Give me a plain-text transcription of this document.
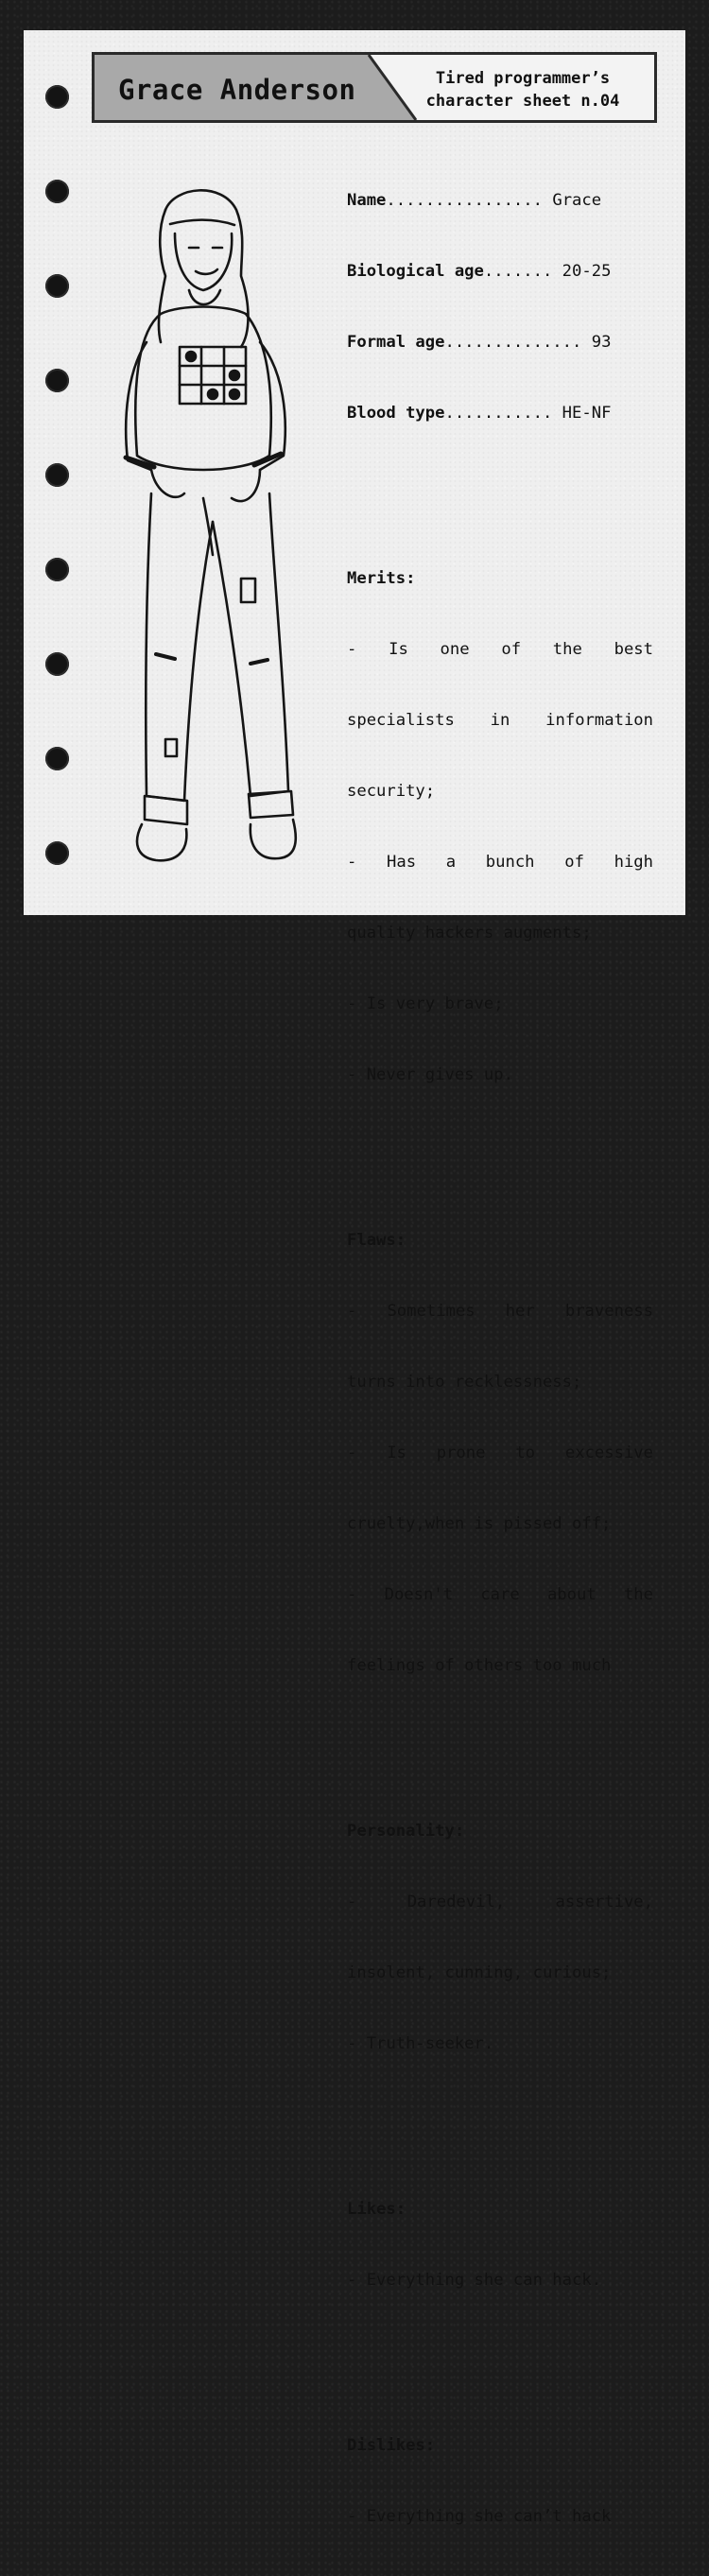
Grace Anderson	Tired programmer’s
character sheet n.04

Name................ Grace

Biological age....... 20-25

Formal age.............. 93

Blood type........... HE-NF

Merits:

- Is one of the best

specialists in information

security;

- Has a bunch of high

quality hackers augments;

- Is very brave;

- Never gives up.

Flaws:

- Sometimes her braveness

turns into recklessness;

- Is prone to excessive

cruelty,when is pissed off;

- Doesn't care about the

feelings of others too much

Personality:

- Daredevil, assertive,

insolent, cunning, curious;

- Truth-seeker.

Likes:

- Everything she can hack.

Dislikes:

- Everything she can’t hack
